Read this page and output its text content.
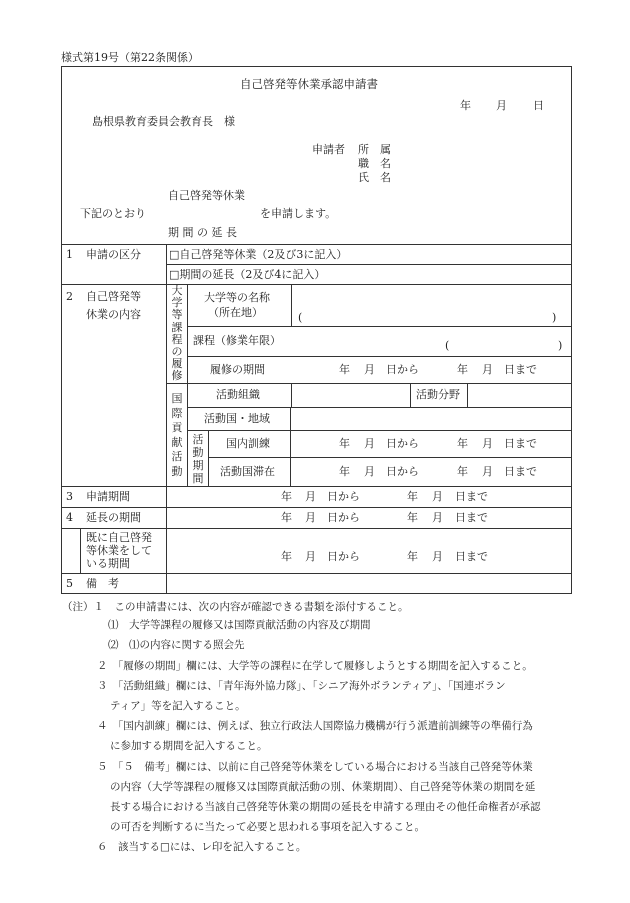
様式第19号（第22条関係）
自己啓発等休業承認申請書
年 月 日
島根県教育委員会教育長　様
申請者 所　属
職　名
氏　名
自己啓発等休業
下記のとおり	を申請します。
期 間 の 延 長
1 申請の区分	□自己啓発等休業（2及び3に記入）
□期間の延長（2及び4に記入）
2 自己啓発等
休業の内容
大学等課程の履修
大学等の名称
（所在地）	(	)
課程（修業年限）	(	)
履修の期間	年 月 日から	年 月 日まで
国際貢献活動
活動組織	活動分野
活動国・地域
活動期間
国内訓練	年 月 日から	年 月 日まで
活動国滞在	年 月 日から	年 月 日まで
3 申請期間	年 月 日から	年 月 日まで
4 延長の期間	年 月 日から	年 月 日まで
既に自己啓発
等休業をして
いる期間
年 月 日から	年 月 日まで
5 備　考
（注）１　この申請書には、次の内容が確認できる書類を添付すること。
⑴　大学等課程の履修又は国際貢献活動の内容及び期間
⑵　⑴の内容に関する照会先
２　「履修の期間」欄には、大学等の課程に在学して履修しようとする期間を記入すること。
３　「活動組織」欄には、「青年海外協力隊」、「シニア海外ボランティア」、「国連ボラン
ティア」等を記入すること。
４　「国内訓練」欄には、例えば、独立行政法人国際協力機構が行う派遣前訓練等の準備行為
に参加する期間を記入すること。
５　「５　備考」欄には、以前に自己啓発等休業をしている場合における当該自己啓発等休業
の内容（大学等課程の履修又は国際貢献活動の別、休業期間）、自己啓発等休業の期間を延
長する場合における当該自己啓発等休業の期間の延長を申請する理由その他任命権者が承認
の可否を判断するに当たって必要と思われる事項を記入すること。
６　該当する□には、レ印を記入すること。
